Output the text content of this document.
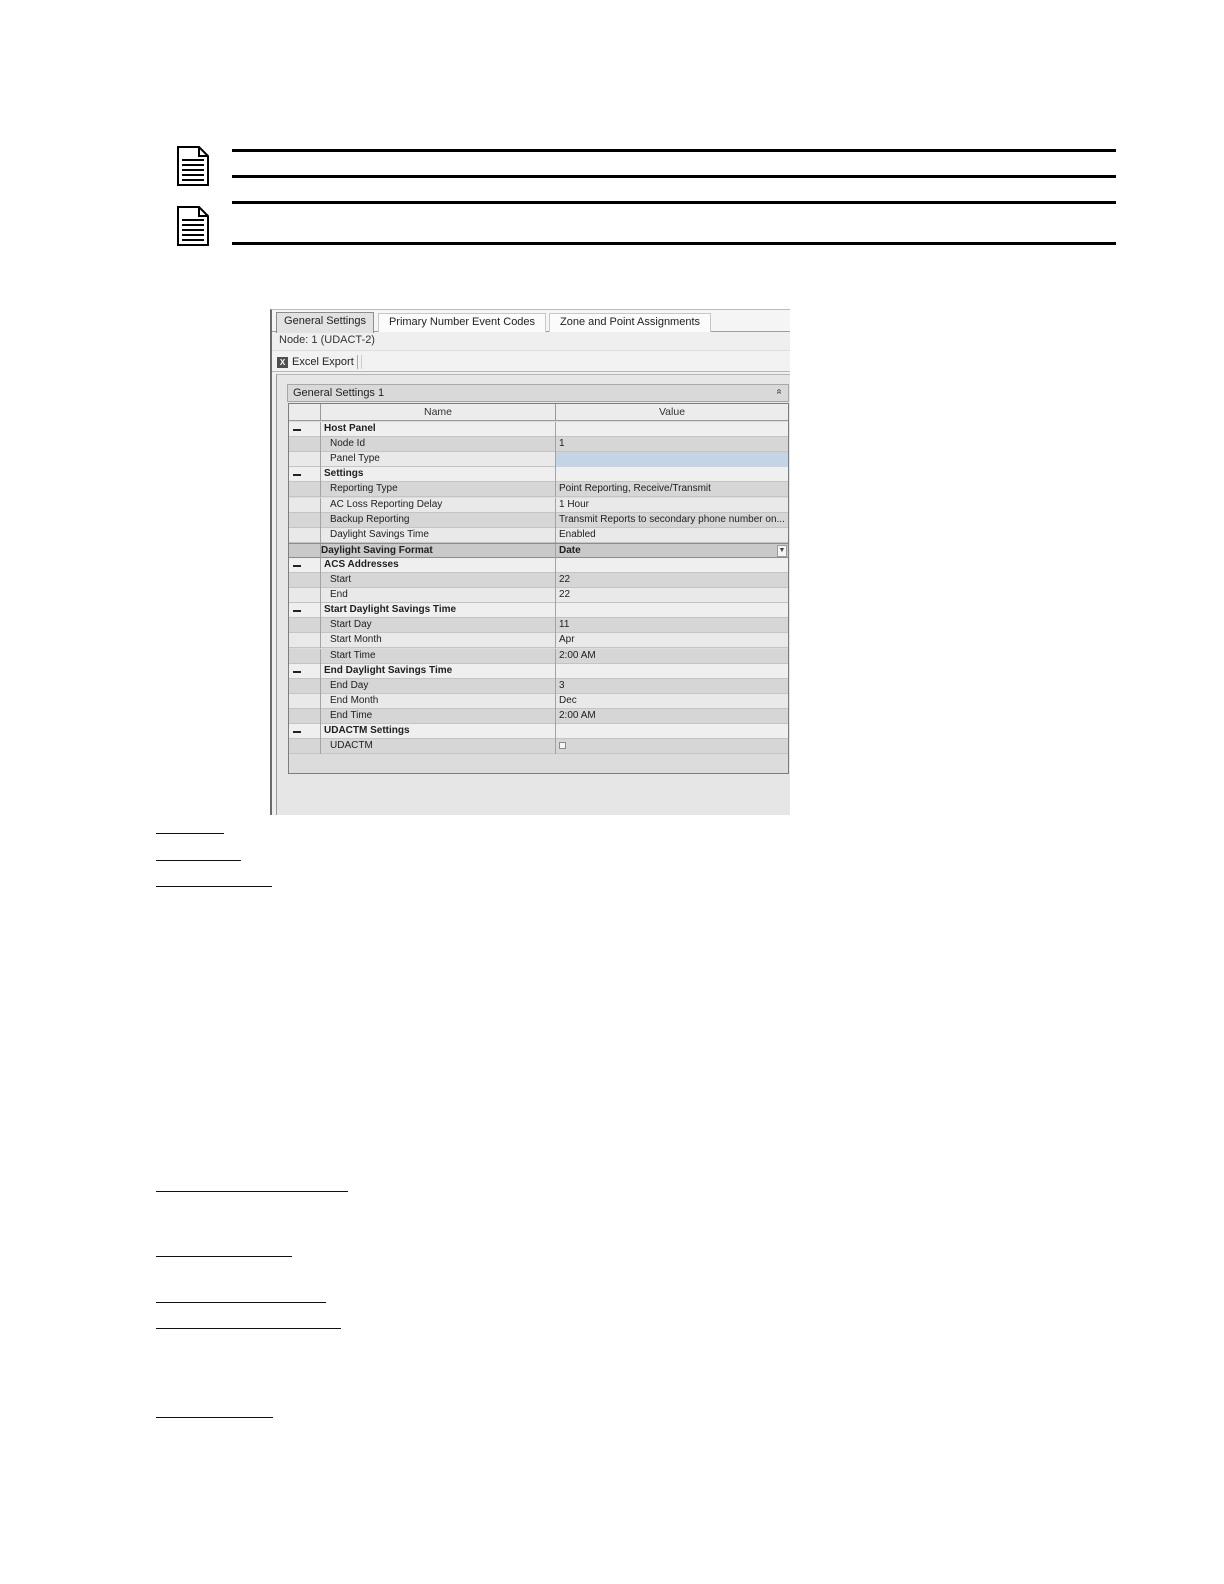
General Settings	Primary Number Event Codes	Zone and Point Assignments
Node: 1 (UDACT-2)
X Excel Export
General Settings 1	»
Name	Value
Host Panel
Node Id	1
Panel Type
Settings
Reporting Type	Point Reporting, Receive/Transmit
AC Loss Reporting Delay	1 Hour
Backup Reporting	Transmit Reports to secondary phone number on...
Daylight Savings Time	Enabled
Daylight Saving Format	Date	▼
ACS Addresses
Start	22
End	22
Start Daylight Savings Time
Start Day	11
Start Month	Apr
Start Time	2:00 AM
End Daylight Savings Time
End Day	3
End Month	Dec
End Time	2:00 AM
UDACTM Settings
UDACTM
